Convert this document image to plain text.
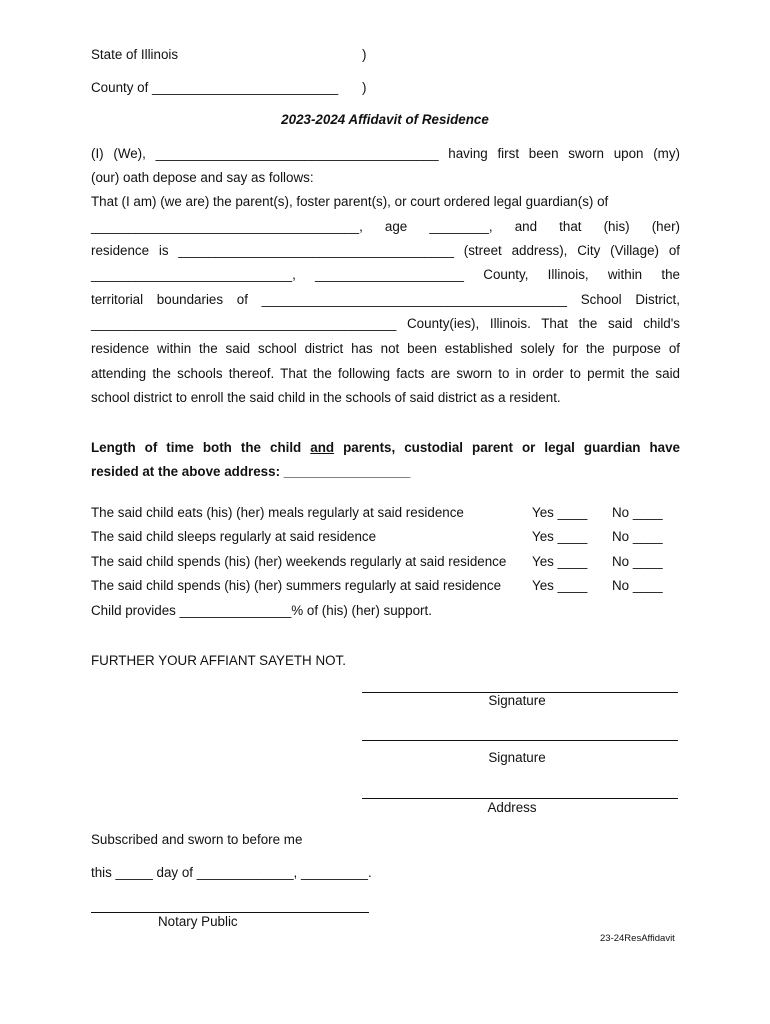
State of Illinois	)
County of _________________________ )
2023-2024 Affidavit of Residence
(I) (We), ______________________________________ having first been sworn upon (my)
(our) oath depose and say as follows:
That (I am) (we are) the parent(s), foster parent(s), or court ordered legal guardian(s) of
____________________________________, age ________, and that (his) (her)
residence is _____________________________________ (street address), City (Village) of
___________________________, ____________________ County, Illinois, within the
territorial boundaries of _________________________________________ School District,
_________________________________________ County(ies), Illinois. That the said child's
residence within the said school district has not been established solely for the purpose of
attending the schools thereof. That the following facts are sworn to in order to permit the said
school district to enroll the said child in the schools of said district as a resident.
Length of time both the child and parents, custodial parent or legal guardian have
resided at the above address: _________________
The said child eats (his) (her) meals regularly at said residence	Yes ____ No ____
The said child sleeps regularly at said residence	Yes ____ No ____
The said child spends (his) (her) weekends regularly at said residence Yes ____ No ____
The said child spends (his) (her) summers regularly at said residence Yes ____ No ____
Child provides _______________% of (his) (her) support.
FURTHER YOUR AFFIANT SAYETH NOT.
Signature
Signature
Address
Subscribed and sworn to before me
this _____ day of _____________, _________.
Notary Public
23-24ResAffidavit
